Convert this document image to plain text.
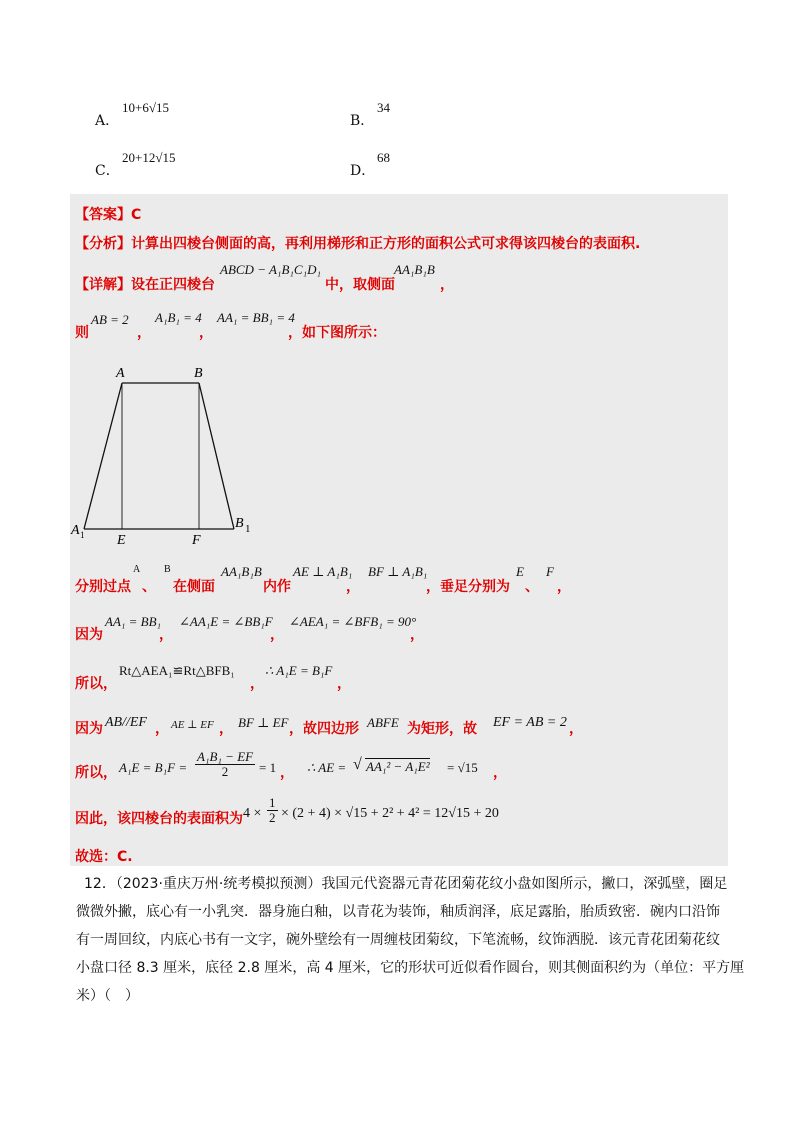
A．
10+6√15
B．
34
C．
20+12√15
D．
68
【答案】C
【分析】计算出四棱台侧面的高，再利用梯形和正方形的面积公式可求得该四棱台的表面积.
【详解】 设在正四棱台
ABCD − A₁B₁C₁D₁
中，取侧面
AA₁B₁B
，
则
AB = 2
，
A₁B₁ = 4
，
AA₁ = BB₁ = 4
，如下图所示：
A	B
A 1
B 1
E	F
分别过点
A
、
B
在侧面
AA₁B₁B
内作
AE ⊥ A₁B₁
，
BF ⊥ A₁B₁
，垂足分别为
E
、
F
，
因为
AA₁ = BB₁
，
∠AA₁E = ∠BB₁F
，
∠AEA₁ = ∠BFB₁ = 90°
，
所以，
Rt△AEA₁≌Rt△BFB₁
，
∴ A₁E = B₁F
，
因为 AB//EF ， AE ⊥ EF ， BF ⊥ EF ，故四边形 ABFE 为矩形，故 EF = AB = 2 ，
所以， $A_1E = B_1F = \frac{\text{A₁B₁ − EF}}{2} = 1$ ， ∴ AE = √ AA₁² − A₁E² = √15 ，
因此，该四棱台的表面积为 $4 \times \frac{1}{2} \times (2 + 4) \times √15 + 2^2 + 4^2 = 12√15 + 20$
故选：C.
12．（2023·重庆万州·统考模拟预测）我国元代瓷器元青花团菊花纹小盘如图所示，撇口，深弧壁，圈足
微微外撇，底心有一小乳突．器身施白釉，以青花为装饰，釉质润泽，底足露胎，胎质致密．碗内口沿饰
有一周回纹，内底心书有一文字，碗外壁绘有一周缠枝团菊纹，下笔流畅，纹饰洒脱．该元青花团菊花纹
小盘口径 8.3 厘米，底径 2.8 厘米，高 4 厘米，它的形状可近似看作圆台，则其侧面积约为（单位：平方厘
米）（　）
